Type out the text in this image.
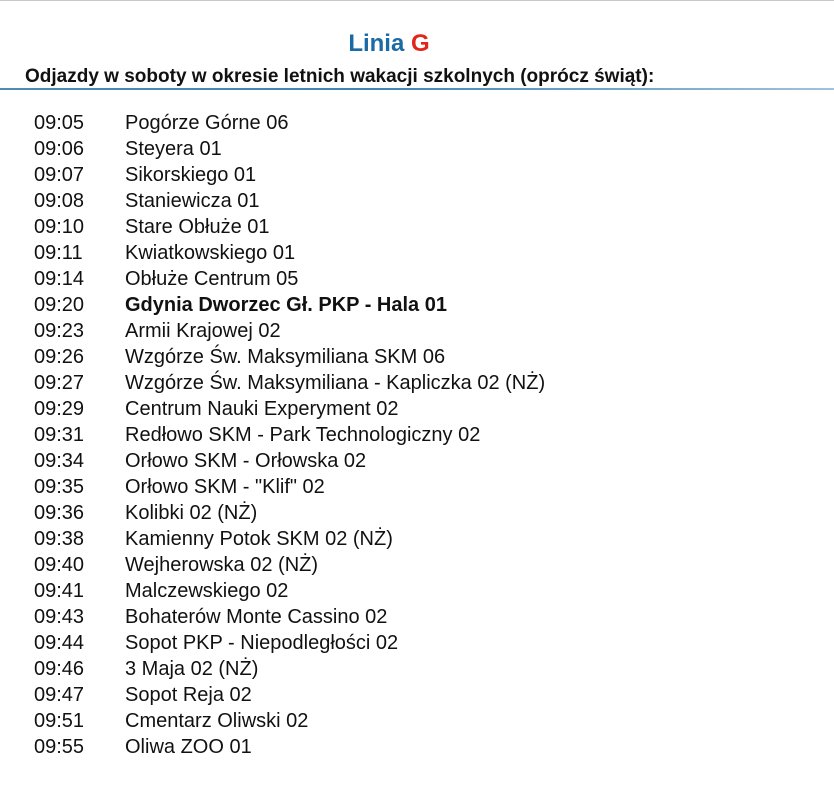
Linia G
Odjazdy w soboty w okresie letnich wakacji szkolnych (oprócz świąt):
09:05 Pogórze Górne 06
09:06 Steyera 01
09:07 Sikorskiego 01
09:08 Staniewicza 01
09:10 Stare Obłuże 01
09:11 Kwiatkowskiego 01
09:14 Obłuże Centrum 05
09:20 Gdynia Dworzec Gł. PKP - Hala 01
09:23 Armii Krajowej 02
09:26 Wzgórze Św. Maksymiliana SKM 06
09:27 Wzgórze Św. Maksymiliana - Kapliczka 02 (NŻ)
09:29 Centrum Nauki Experyment 02
09:31 Redłowo SKM - Park Technologiczny 02
09:34 Orłowo SKM - Orłowska 02
09:35 Orłowo SKM - "Klif" 02
09:36 Kolibki 02 (NŻ)
09:38 Kamienny Potok SKM 02 (NŻ)
09:40 Wejherowska 02 (NŻ)
09:41 Malczewskiego 02
09:43 Bohaterów Monte Cassino 02
09:44 Sopot PKP - Niepodległości 02
09:46 3 Maja 02 (NŻ)
09:47 Sopot Reja 02
09:51 Cmentarz Oliwski 02
09:55 Oliwa ZOO 01
